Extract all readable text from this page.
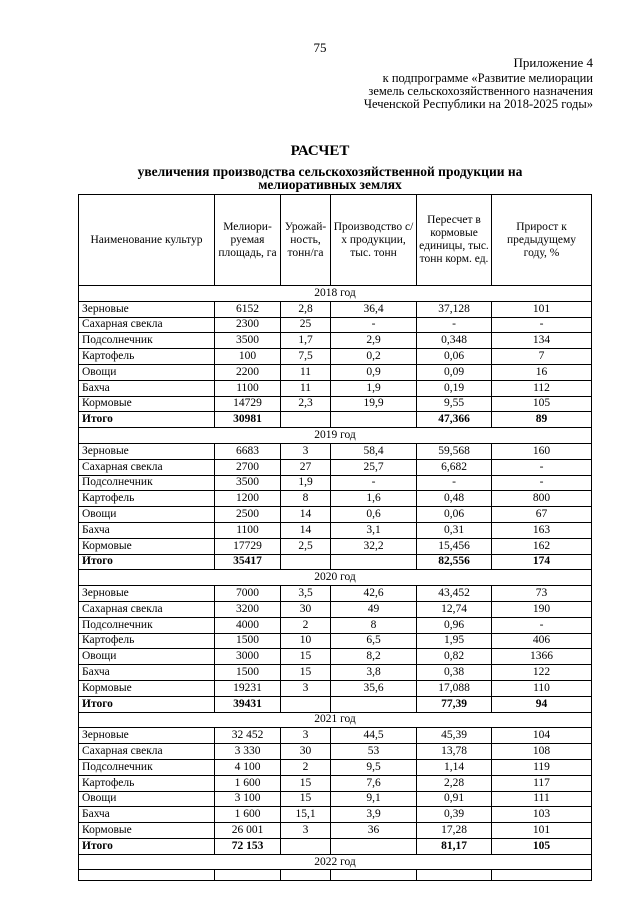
75
Приложение 4
к подпрограмме «Развитие мелиорации
земель сельскохозяйственного назначения
Чеченской Республики на 2018-2025 годы»
РАСЧЕТ
увеличения производства сельскохозяйственной продукции на мелиоративных землях
Наименование культур	Мелиори-руемая площадь, га	Урожай-ность, тонн/га	Производство с/х продукции, тыс. тонн	Пересчет в кормовые единицы, тыс. тонн корм. ед.	Прирост к предыдущему году, %
2018 год					
Зерновые	6152	2,8	36,4	37,128	101
Сахарная свекла	2300	25	-	-	-
Подсолнечник	3500	1,7	2,9	0,348	134
Картофель	100	7,5	0,2	0,06	7
Овощи	2200	11	0,9	0,09	16
Бахча	1100	11	1,9	0,19	112
Кормовые	14729	2,3	19,9	9,55	105
Итого	30981			47,366	89
2019 год					
Зерновые	6683	3	58,4	59,568	160
Сахарная свекла	2700	27	25,7	6,682	-
Подсолнечник	3500	1,9	-	-	-
Картофель	1200	8	1,6	0,48	800
Овощи	2500	14	0,6	0,06	67
Бахча	1100	14	3,1	0,31	163
Кормовые	17729	2,5	32,2	15,456	162
Итого	35417			82,556	174
2020 год					
Зерновые	7000	3,5	42,6	43,452	73
Сахарная свекла	3200	30	49	12,74	190
Подсолнечник	4000	2	8	0,96	-
Картофель	1500	10	6,5	1,95	406
Овощи	3000	15	8,2	0,82	1366
Бахча	1500	15	3,8	0,38	122
Кормовые	19231	3	35,6	17,088	110
Итого	39431			77,39	94
2021 год					
Зерновые	32 452	3	44,5	45,39	104
Сахарная свекла	3 330	30	53	13,78	108
Подсолнечник	4 100	2	9,5	1,14	119
Картофель	1 600	15	7,6	2,28	117
Овощи	3 100	15	9,1	0,91	111
Бахча	1 600	15,1	3,9	0,39	103
Кормовые	26 001	3	36	17,28	101
Итого	72 153			81,17	105
2022 год					
